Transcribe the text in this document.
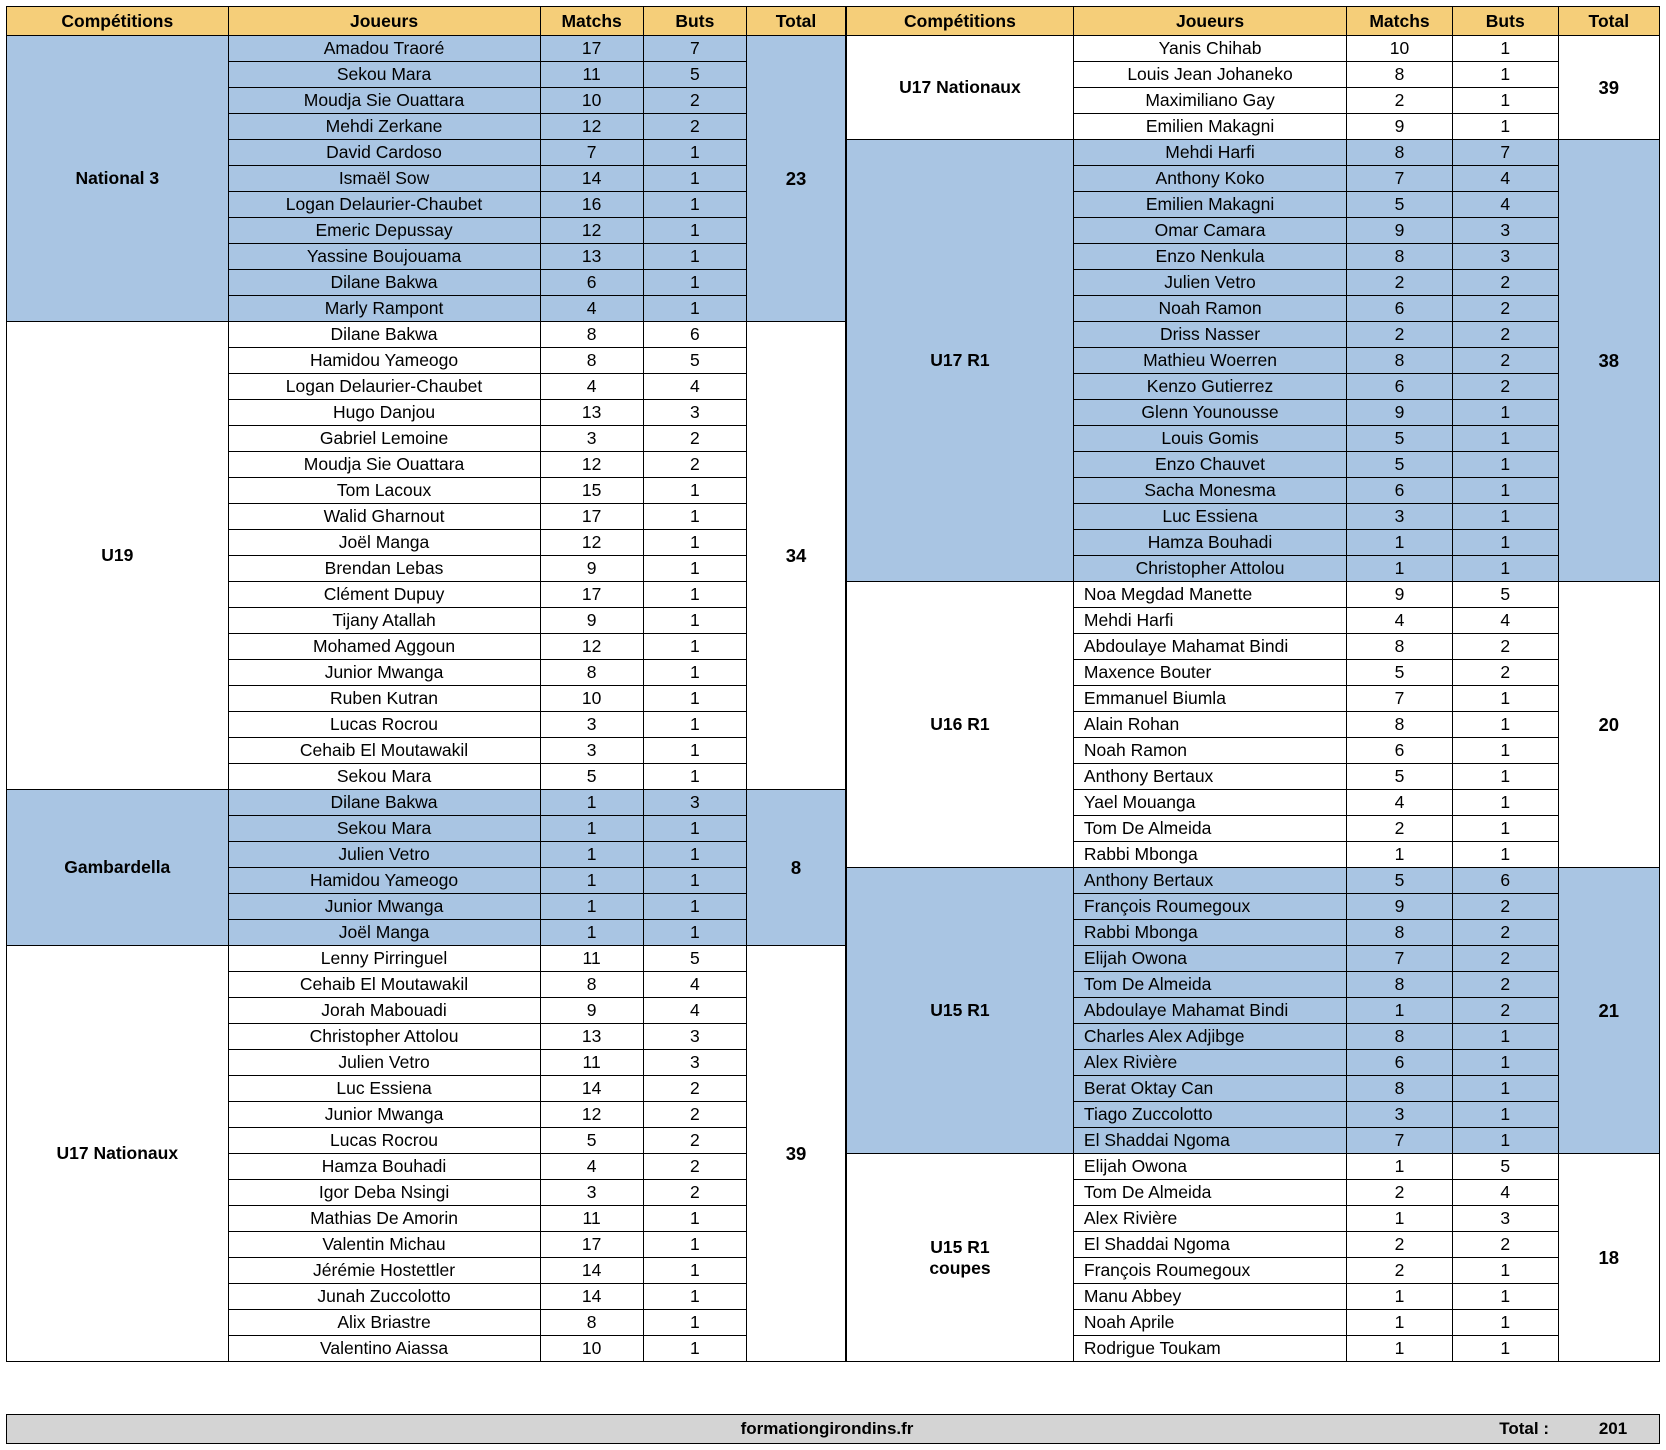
Compétitions	Joueurs	Matchs	Buts	Total
National 3	Amadou Traoré	17	7	23
	Sekou Mara	11	5	
	Moudja Sie Ouattara	10	2	
	Mehdi Zerkane	12	2	
	David Cardoso	7	1	
	Ismaël Sow	14	1	
	Logan Delaurier-Chaubet	16	1	
	Emeric Depussay	12	1	
	Yassine Boujouama	13	1	
	Dilane Bakwa	6	1	
	Marly Rampont	4	1	
U19	Dilane Bakwa	8	6	34
	Hamidou Yameogo	8	5	
	Logan Delaurier-Chaubet	4	4	
	Hugo Danjou	13	3	
	Gabriel Lemoine	3	2	
	Moudja Sie Ouattara	12	2	
	Tom Lacoux	15	1	
	Walid Gharnout	17	1	
	Joël Manga	12	1	
	Brendan Lebas	9	1	
	Clément Dupuy	17	1	
	Tijany Atallah	9	1	
	Mohamed Aggoun	12	1	
	Junior Mwanga	8	1	
	Ruben Kutran	10	1	
	Lucas Rocrou	3	1	
	Cehaib El Moutawakil	3	1	
	Sekou Mara	5	1	
Gambardella	Dilane Bakwa	1	3	8
	Sekou Mara	1	1	
	Julien Vetro	1	1	
	Hamidou Yameogo	1	1	
	Junior Mwanga	1	1	
	Joël Manga	1	1	
U17 Nationaux	Lenny Pirringuel	11	5	39
	Cehaib El Moutawakil	8	4	
	Jorah Mabouadi	9	4	
	Christopher Attolou	13	3	
	Julien Vetro	11	3	
	Luc Essiena	14	2	
	Junior Mwanga	12	2	
	Lucas Rocrou	5	2	
	Hamza Bouhadi	4	2	
	Igor Deba Nsingi	3	2	
	Mathias De Amorin	11	1	
	Valentin Michau	17	1	
	Jérémie Hostettler	14	1	
	Junah Zuccolotto	14	1	
	Alix Briastre	8	1	
	Valentino Aiassa	10	1	
Compétitions	Joueurs	Matchs	Buts	Total
U17 Nationaux	Yanis Chihab	10	1	39
	Louis Jean Johaneko	8	1	
	Maximiliano Gay	2	1	
	Emilien Makagni	9	1	
U17 R1	Mehdi Harfi	8	7	38
	Anthony Koko	7	4	
	Emilien Makagni	5	4	
	Omar Camara	9	3	
	Enzo Nenkula	8	3	
	Julien Vetro	2	2	
	Noah Ramon	6	2	
	Driss Nasser	2	2	
	Mathieu Woerren	8	2	
	Kenzo Gutierrez	6	2	
	Glenn Younousse	9	1	
	Louis Gomis	5	1	
	Enzo Chauvet	5	1	
	Sacha Monesma	6	1	
	Luc Essiena	3	1	
	Hamza Bouhadi	1	1	
	Christopher Attolou	1	1	
U16 R1	Noa Megdad Manette	9	5	20
	Mehdi Harfi	4	4	
	Abdoulaye Mahamat Bindi	8	2	
	Maxence Bouter	5	2	
	Emmanuel Biumla	7	1	
	Alain Rohan	8	1	
	Noah Ramon	6	1	
	Anthony Bertaux	5	1	
	Yael Mouanga	4	1	
	Tom De Almeida	2	1	
	Rabbi Mbonga	1	1	
U15 R1	Anthony Bertaux	5	6	21
	François Roumegoux	9	2	
	Rabbi Mbonga	8	2	
	Elijah Owona	7	2	
	Tom De Almeida	8	2	
	Abdoulaye Mahamat Bindi	1	2	
	Charles Alex Adjibge	8	1	
	Alex Rivière	6	1	
	Berat Oktay Can	8	1	
	Tiago Zuccolotto	3	1	
	El Shaddai Ngoma	7	1	

U15 R1
coupes	Elijah Owona	1	5	18
	Tom De Almeida	2	4	
	Alex Rivière	1	3	
	El Shaddai Ngoma	2	2	
	François Roumegoux	2	1	
	Manu Abbey	1	1	
	Noah Aprile	1	1	
	Rodrigue Toukam	1	1	
formationgirondins.fr	Total :	201
